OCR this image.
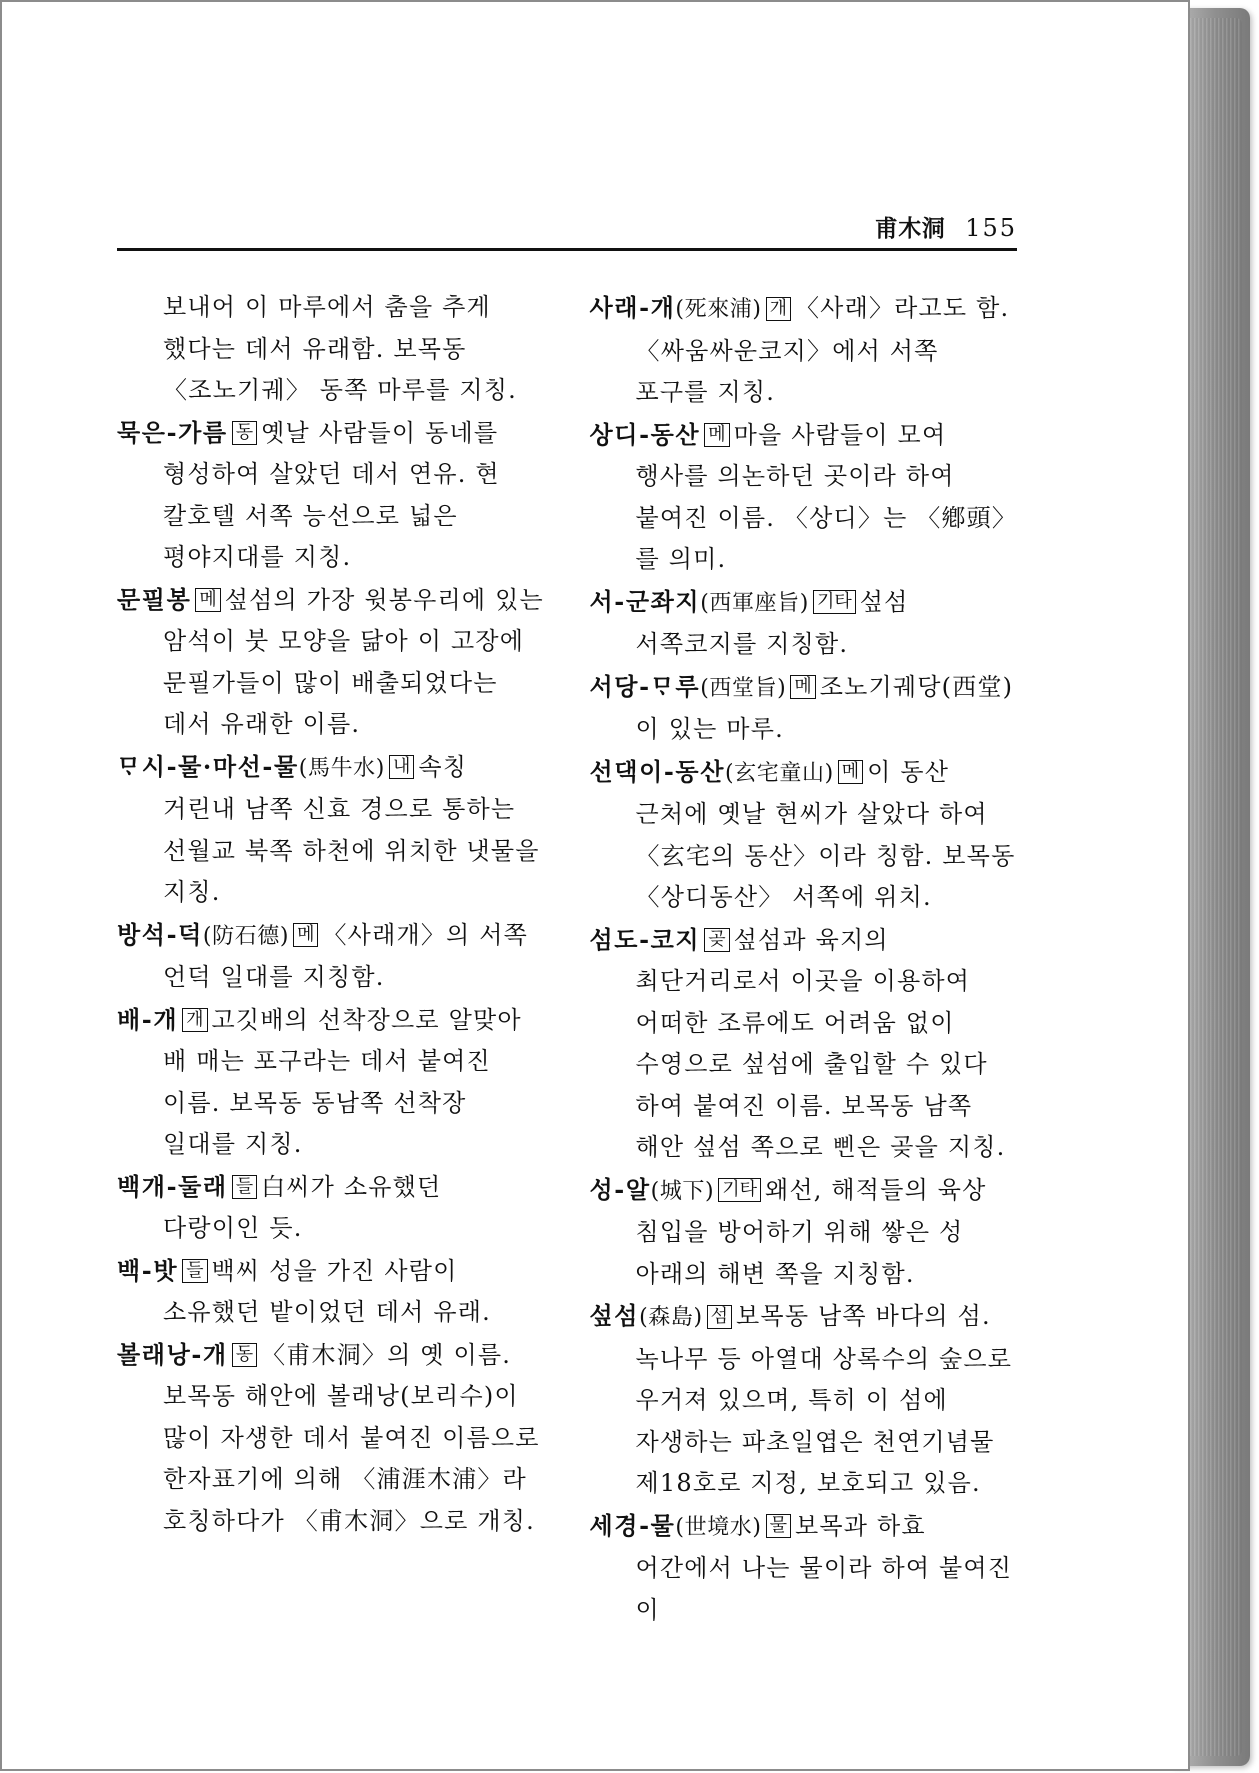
甫木洞 155

보내어 이 마루에서 춤을 추게 했다는 데서 유래함. 보목동 〈조노기궤〉 동쪽 마루를 지칭.

묵은-가름 동 옛날 사람들이 동네를 형성하여 살았던 데서 연유. 현 칼호텔 서쪽 능선으로 넓은 평야지대를 지칭.

문필봉 메 섶섬의 가장 윗봉우리에 있는 암석이 붓 모양을 닮아 이 고장에 문필가들이 많이 배출되었다는 데서 유래한 이름.

ᄆᆞ시-물·마선-물(馬牛水) 내 속칭 거린내 남쪽 신효 경으로 통하는 선월교 북쪽 하천에 위치한 냇물을 지칭.

방석-덕(防石德) 메 〈사래개〉의 서쪽 언덕 일대를 지칭함.

배-개 개 고깃배의 선착장으로 알맞아 배 매는 포구라는 데서 붙여진 이름. 보목동 동남쪽 선착장 일대를 지칭.

백개-둘래 들 白씨가 소유했던 다랑이인 듯.

백-밧 들 백씨 성을 가진 사람이 소유했던 밭이었던 데서 유래.

볼래낭-개 동 〈甫木洞〉의 옛 이름. 보목동 해안에 볼래낭(보리수)이 많이 자생한 데서 붙여진 이름으로 한자표기에 의해 〈浦涯木浦〉라 호칭하다가 〈甫木洞〉으로 개칭.

사래-개(死來浦) 개 〈사래〉라고도 함. 〈싸움싸운코지〉에서 서쪽 포구를 지칭.

상디-동산 메 마을 사람들이 모여 행사를 의논하던 곳이라 하여 붙여진 이름. 〈상디〉는 〈鄕頭〉를 의미.

서-군좌지(西軍座旨) 기타 섶섬 서쪽코지를 지칭함.

서당-ᄆᆞ루(西堂旨) 메 조노기궤당(西堂)이 있는 마루.

선댁이-동산(玄宅童山) 메 이 동산 근처에 옛날 현씨가 살았다 하여 〈玄宅의 동산〉이라 칭함. 보목동 〈상디동산〉 서쪽에 위치.

섬도-코지 곶 섶섬과 육지의 최단거리로서 이곳을 이용하여 어떠한 조류에도 어려움 없이 수영으로 섶섬에 출입할 수 있다 하여 붙여진 이름. 보목동 남쪽 해안 섶섬 쪽으로 삔은 곶을 지칭.

성-알(城下) 기타 왜선, 해적들의 육상 침입을 방어하기 위해 쌓은 성 아래의 해변 쪽을 지칭함.

섶섬(森島) 섬 보목동 남쪽 바다의 섬. 녹나무 등 아열대 상록수의 숲으로 우거져 있으며, 특히 이 섬에 자생하는 파초일엽은 천연기념물 제18호로 지정, 보호되고 있음.

세경-물(世境水) 물 보목과 하효 어간에서 나는 물이라 하여 붙여진 이
